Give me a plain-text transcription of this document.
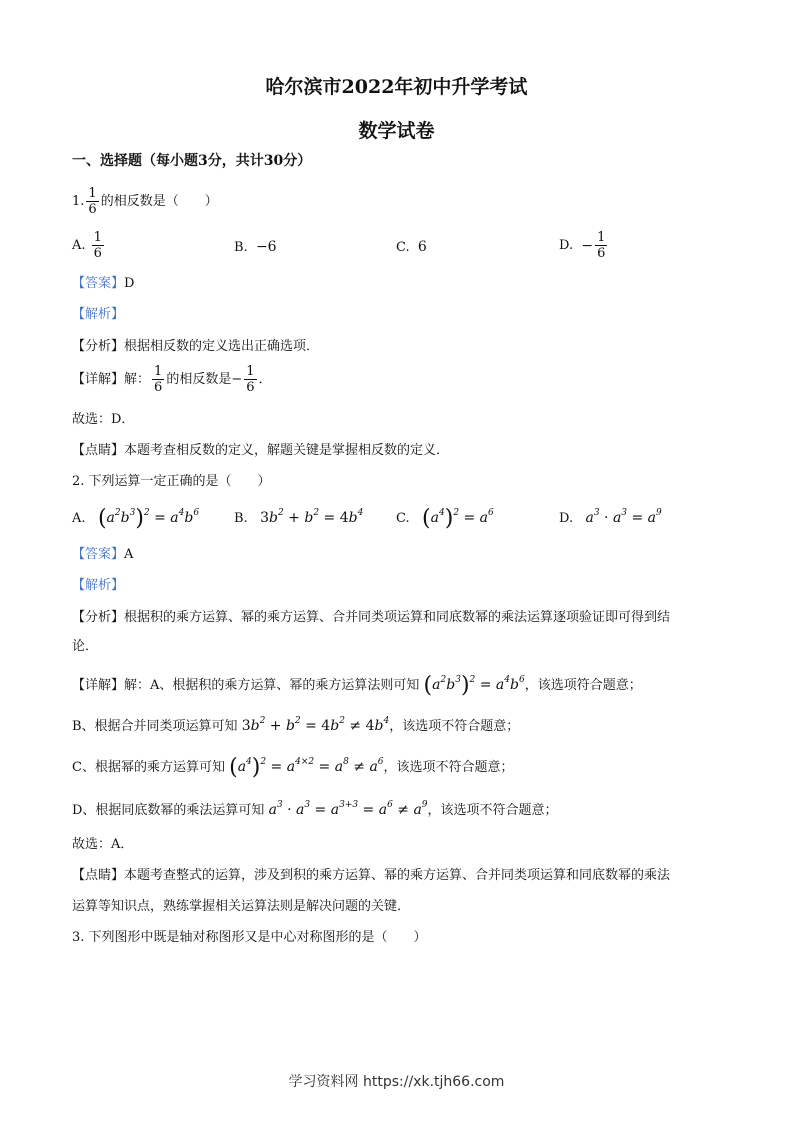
哈尔滨市2022年初中升学考试
数学试卷
一、选择题（每小题3分，共计30分）
1. $\frac{1}{6}$ 的相反数是（　　）
A.
$\frac{1}{6}$	B. −6	C. 6	D.
− $\frac{1}{6}$
【答案】D
【解析】
【分析】根据相反数的定义选出正确选项．
【详解】 解： $\frac{1}{6}$ 的相反数是− $\frac{1}{6}$ ．
故选：D．
【点睛】本题考查相反数的定义，解题关键是掌握相反数的定义．
2. 下列运算一定正确的是（　　）
A. $(a^2b^3)^2 = a^4b^6$	B. $3b^2 + b^2 = 4b^4$	C. $(a^4)^2 = a^6$	D. $a^3 \cdot a^3 = a^9$
【答案】A
【解析】
【分析】根据积的乘方运算、幂的乘方运算、合并同类项运算和同底数幂的乘法运算逐项验证即可得到结
论．
【详解】解：A、根据积的乘方运算、幂的乘方运算法则可知 $(a^2b^3)^2 = a^4b^6$，该选项符合题意；
B、根据合并同类项运算可知 $3b^2 + b^2 = 4b^2 \ne 4b^4$，该选项不符合题意；
C、根据幂的乘方运算可知 $(a^4)^2 = a^{4\times 2} = a^8 \ne a^6$，该选项不符合题意；
D、根据同底数幂的乘法运算可知 $a^3 \cdot a^3 = a^{3+3} = a^6 \ne a^9$，该选项不符合题意；
故选：A．
【点睛】本题考查整式的运算，涉及到积的乘方运算、幂的乘方运算、合并同类项运算和同底数幂的乘法
运算等知识点，熟练掌握相关运算法则是解决问题的关键．
3. 下列图形中既是轴对称图形又是中心对称图形的是（　　）
学习资料网 https://xk.tjh66.com
